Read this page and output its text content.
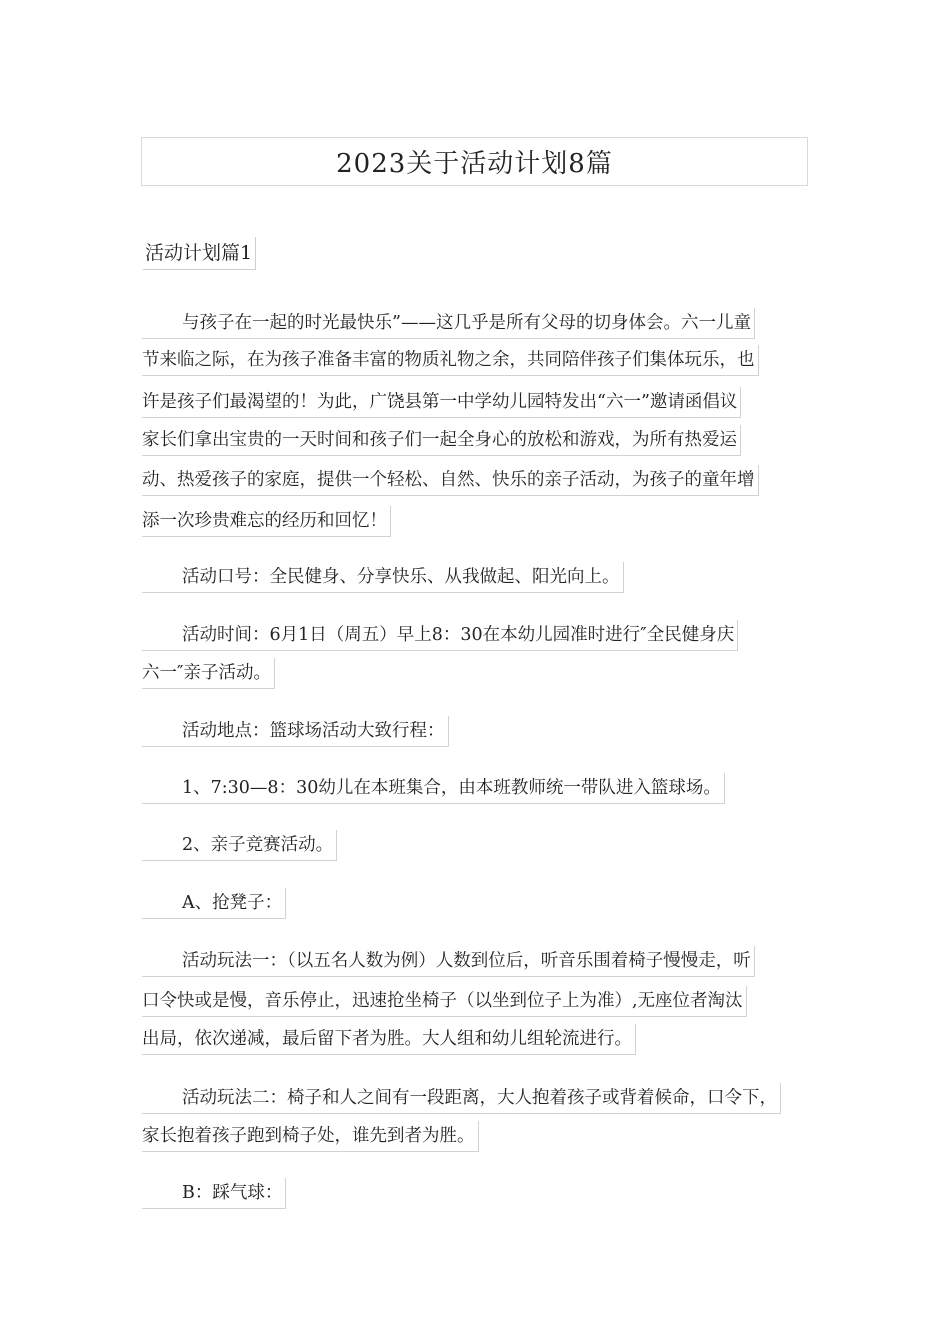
2023关于活动计划8篇
活动计划篇1
与孩子在一起的时光最快乐”——这几乎是所有父母的切身体会。六一儿童
节来临之际，在为孩子准备丰富的物质礼物之余，共同陪伴孩子们集体玩乐，也
许是孩子们最渴望的！为此，广饶县第一中学幼儿园特发出“六一”邀请函倡议
家长们拿出宝贵的一天时间和孩子们一起全身心的放松和游戏，为所有热爱运
动、热爱孩子的家庭，提供一个轻松、自然、快乐的亲子活动，为孩子的童年增
添一次珍贵难忘的经历和回忆！
活动口号：全民健身、分享快乐、从我做起、阳光向上。
活动时间：6月1日（周五）早上8：30在本幼儿园准时进行″全民健身庆
六一″亲子活动。
活动地点：篮球场活动大致行程：
1、7:30—8：30幼儿在本班集合，由本班教师统一带队进入篮球场。
2、亲子竞赛活动。
A、抢凳子：
活动玩法一：（以五名人数为例）人数到位后，听音乐围着椅子慢慢走，听
口令快或是慢，音乐停止，迅速抢坐椅子（以坐到位子上为准）,无座位者淘汰
出局，依次递减，最后留下者为胜。大人组和幼儿组轮流进行。
活动玩法二：椅子和人之间有一段距离，大人抱着孩子或背着候命，口令下，
家长抱着孩子跑到椅子处，谁先到者为胜。
B：踩气球：
